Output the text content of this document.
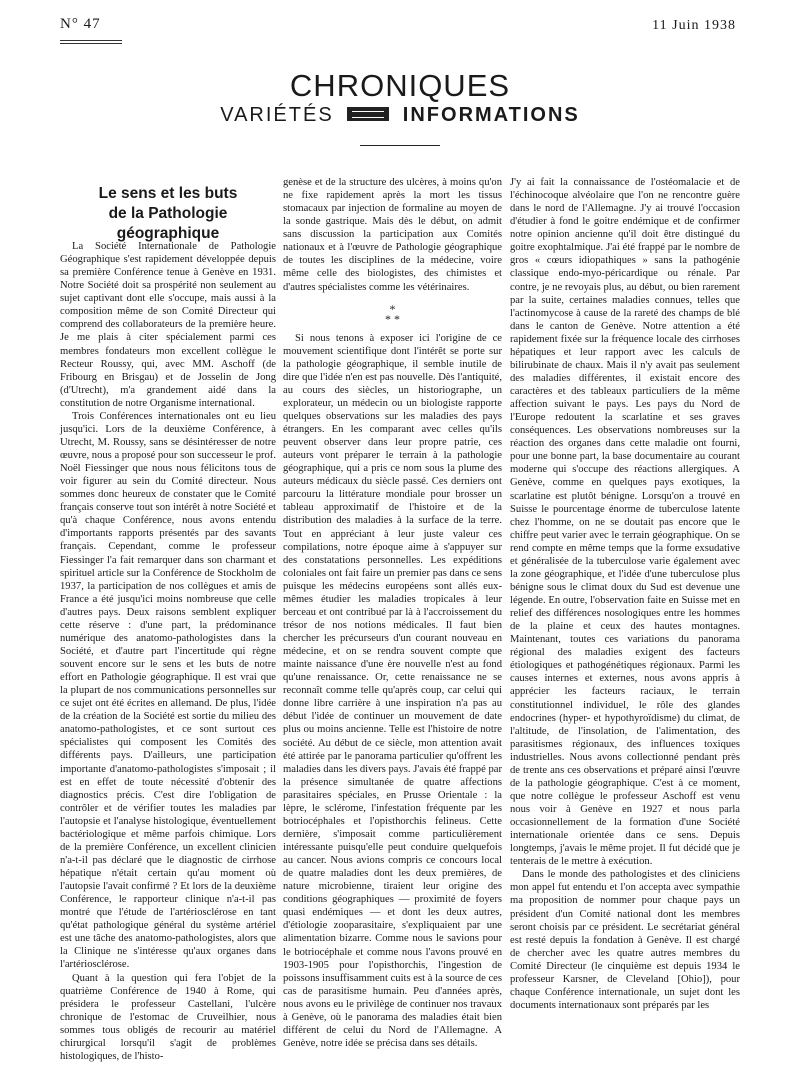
N° 47	11 Juin 1938
CHRONIQUES
VARIÉTÉS	INFORMATIONS
Le sens et les buts
de la Pathologie géographique

La Société Internationale de Pathologie Géographique s'est rapidement développée depuis sa première Conférence tenue à Genève en 1931. Notre Société doit sa prospérité non seulement au sujet captivant dont elle s'occupe, mais aussi à la composition même de son Comité Directeur qui comprend des collaborateurs de la première heure. Je me plais à citer spécialement parmi ces membres fondateurs mon excellent collègue le Recteur Roussy, qui, avec MM. Aschoff (de Fribourg en Brisgau) et de Josselin de Jong (d'Utrecht), m'a grandement aidé dans la constitution de notre Organisme international.

Trois Conférences internationales ont eu lieu jusqu'ici. Lors de la deuxième Conférence, à Utrecht, M. Roussy, sans se désintéresser de notre œuvre, nous a proposé pour son successeur le prof. Noël Fiessinger que nous nous félicitons tous de voir figurer au sein du Comité directeur. Nous sommes donc heureux de constater que le Comité français conserve tout son intérêt à notre Société et qu'à chaque Conférence, nous avons entendu d'importants rapports présentés par des savants français. Cependant, comme le professeur Fiessinger l'a fait remarquer dans son charmant et spirituel article sur la Conférence de Stockholm de 1937, la participation de nos collègues et amis de France a été jusqu'ici moins nombreuse que celle d'autres pays. Deux raisons semblent expliquer cette réserve : d'une part, la prédominance numérique des anatomo-pathologistes dans la Société, et d'autre part l'incertitude qui règne souvent encore sur le sens et les buts de notre effort en Pathologie géographique. Il est vrai que la plupart de nos communications personnelles sur ce sujet ont été écrites en allemand. De plus, l'idée de la création de la Société est sortie du milieu des anatomo-pathologistes, et ce sont surtout ces spécialistes qui composent les Comités des différents pays. D'ailleurs, une participation importante d'anatomo-pathologistes s'imposait ; il est en effet de toute nécessité d'obtenir des diagnostics précis. C'est dire l'obligation de contrôler et de vérifier toutes les maladies par l'autopsie et l'analyse histologique, éventuellement bactériologique et même parfois chimique. Lors de la première Conférence, un excellent clinicien n'a-t-il pas déclaré que le diagnostic de cirrhose hépatique n'était certain qu'au moment où l'autopsie l'avait confirmé ? Et lors de la deuxième Conférence, le rapporteur clinique n'a-t-il pas montré que l'étude de l'artériosclérose en tant qu'état pathologique général du système artériel est une tâche des anatomo-pathologistes, alors que la Clinique ne s'intéresse qu'aux organes dans l'artériosclérose.

Quant à la question qui fera l'objet de la quatrième Conférence de 1940 à Rome, qui présidera le professeur Castellani, l'ulcère chronique de l'estomac de Cruveilhier, nous sommes tous obligés de recourir au matériel chirurgical lorsqu'il s'agit de problèmes histologiques, de l'histo-

genèse et de la structure des ulcères, à moins qu'on ne fixe rapidement après la mort les tissus stomacaux par injection de formaline au moyen de la sonde gastrique. Mais dès le début, on admit sans discussion la participation aux Comités nationaux et à l'œuvre de Pathologie géographique de toutes les disciplines de la médecine, voire même celle des biologistes, des chimistes et d'autres spécialistes comme les vétérinaires.

*
* *

Si nous tenons à exposer ici l'origine de ce mouvement scientifique dont l'intérêt se porte sur la pathologie géographique, il semble inutile de dire que l'idée n'en est pas nouvelle. Dès l'antiquité, au cours des siècles, un historiographe, un explorateur, un médecin ou un biologiste rapporte quelques observations sur les maladies des pays étrangers. En les comparant avec celles qu'ils peuvent observer dans leur propre patrie, ces auteurs vont préparer le terrain à la pathologie géographique, qui a pris ce nom sous la plume des auteurs médicaux du siècle passé. Ces derniers ont parcouru la littérature mondiale pour brosser un tableau approximatif de l'histoire et de la distribution des maladies à la surface de la terre. Tout en appréciant à leur juste valeur ces compilations, notre époque aime à s'appuyer sur des constatations personnelles. Les expéditions coloniales ont fait faire un premier pas dans ce sens puisque les médecins européens sont allés eux-mêmes étudier les maladies tropicales à leur berceau et ont contribué par là à l'accroissement du trésor de nos notions médicales. Il faut bien chercher les précurseurs d'un courant nouveau en médecine, et on se rendra souvent compte que mainte naissance d'une ère nouvelle n'est au fond qu'une renaissance. Or, cette renaissance ne se reconnaît comme telle qu'après coup, car celui qui donne libre carrière à une inspiration n'a pas au début l'idée de continuer un mouvement de date plus ou moins ancienne. Telle est l'histoire de notre société. Au début de ce siècle, mon attention avait été attirée par le panorama particulier qu'offrent les maladies dans les divers pays. J'avais été frappé par la présence simultanée de quatre affections parasitaires spéciales, en Prusse Orientale : la lèpre, le sclérome, l'infestation fréquente par les botriocéphales et l'opisthorchis felineus. Cette dernière, s'imposait comme particulièrement intéressante puisqu'elle peut conduire quelquefois au cancer. Nous avions compris ce concours local de quatre maladies dont les deux premières, de nature microbienne, tiraient leur origine des conditions géographiques — proximité de foyers quasi endémiques — et dont les deux autres, d'étiologie zooparasitaire, s'expliquaient par une alimentation bizarre. Comme nous le savions pour le botriocéphale et comme nous l'avons prouvé en 1903-1905 pour l'opisthorchis, l'ingestion de poissons insuffisamment cuits est à la source de ces cas de parasitisme humain. Peu d'années après, nous avons eu le privilège de continuer nos travaux à Genève, où le panorama des maladies était bien différent de celui du Nord de l'Allemagne. A Genève, notre idée se précisa dans ses détails.

J'y ai fait la connaissance de l'ostéomalacie et de l'échinocoque alvéolaire que l'on ne rencontre guère dans le nord de l'Allemagne. J'y ai trouvé l'occasion d'étudier à fond le goitre endémique et de confirmer notre opinion ancienne qu'il doit être distingué du goitre exophtalmique. J'ai été frappé par le nombre de gros « cœurs idiopathiques » sans la pathogénie classique endo-myo-péricardique ou rénale. Par contre, je ne revoyais plus, au début, ou bien rarement par la suite, certaines maladies connues, telles que l'actinomycose à cause de la rareté des champs de blé dans le canton de Genève. Notre attention a été rapidement fixée sur la fréquence locale des cirrhoses hépatiques et leur rapport avec les calculs de bilirubinate de chaux. Mais il n'y avait pas seulement des maladies différentes, il existait encore des caractères et des tableaux particuliers de la même affection suivant le pays. Les pays du Nord de l'Europe redoutent la scarlatine et ses graves conséquences. Les observations nombreuses sur la réaction des organes dans cette maladie ont fourni, pour une bonne part, la base documentaire au courant moderne qui s'occupe des réactions allergiques. A Genève, comme en quelques pays exotiques, la scarlatine est plutôt bénigne. Lorsqu'on a trouvé en Suisse le pourcentage énorme de tuberculose latente chez l'homme, on ne se doutait pas encore que le chiffre peut varier avec le terrain géographique. On se rend compte en même temps que la forme exsudative et généralisée de la tuberculose varie également avec la zone géographique, et l'idée d'une tuberculose plus bénigne sous le climat doux du Sud est devenue une légende. En outre, l'observation faite en Suisse met en relief des différences nosologiques entre les hommes de la plaine et ceux des hautes montagnes. Maintenant, toutes ces variations du panorama régional des maladies exigent des facteurs étiologiques et pathogénétiques régionaux. Parmi les causes internes et externes, nous avons appris à apprécier les facteurs raciaux, le terrain constitutionnel individuel, le rôle des glandes endocrines (hyper- et hypothyroïdisme) du climat, de l'altitude, de l'insolation, de l'alimentation, des parasitismes régionaux, des influences toxiques industrielles. Nous avons collectionné pendant près de trente ans ces observations et préparé ainsi l'œuvre de la pathologie géographique. C'est à ce moment, que notre collègue le professeur Aschoff est venu nous voir à Genève en 1927 et nous parla occasionnellement de la formation d'une Société internationale orientée dans ce sens. Depuis longtemps, j'avais le même projet. Il fut décidé que je tenterais de le mettre à exécution.

Dans le monde des pathologistes et des cliniciens mon appel fut entendu et l'on accepta avec sympathie ma proposition de nommer pour chaque pays un président d'un Comité national dont les membres seront choisis par ce président. Le secrétariat général est resté depuis la fondation à Genève. Il est chargé de chercher avec les quatre autres membres du Comité Directeur (le cinquième est depuis 1934 le professeur Karsner, de Cleveland [Ohio]), pour chaque Conférence internationale, un sujet dont les documents internationaux sont préparés par les
